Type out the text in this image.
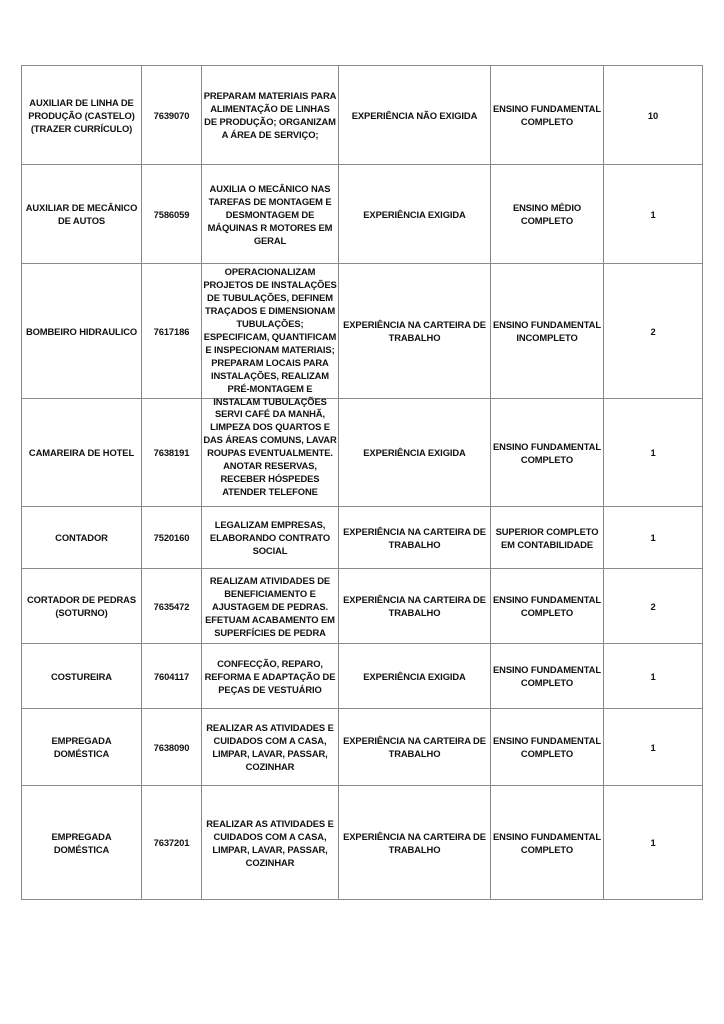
AUXILIAR DE LINHA DE PRODUÇÃO (CASTELO) (TRAZER CURRÍCULO)	7639070	PREPARAM MATERIAIS PARA ALIMENTAÇÃO DE LINHAS DE PRODUÇÃO; ORGANIZAM A ÁREA DE SERVIÇO;	EXPERIÊNCIA NÃO EXIGIDA	ENSINO FUNDAMENTAL COMPLETO	10
AUXILIAR DE MECÂNICO DE AUTOS	7586059	AUXILIA O MECÂNICO NAS TAREFAS DE MONTAGEM E DESMONTAGEM DE MÁQUINAS R MOTORES EM GERAL	EXPERIÊNCIA EXIGIDA	ENSINO MÉDIO COMPLETO	1
BOMBEIRO HIDRAULICO	7617186	OPERACIONALIZAM PROJETOS DE INSTALAÇÕES DE TUBULAÇÕES, DEFINEM TRAÇADOS E DIMENSIONAM TUBULAÇÕES; ESPECIFICAM, QUANTIFICAM E INSPECIONAM MATERIAIS; PREPARAM LOCAIS PARA INSTALAÇÕES, REALIZAM PRÉ-MONTAGEM E INSTALAM TUBULAÇÕES	EXPERIÊNCIA NA CARTEIRA DE TRABALHO	ENSINO FUNDAMENTAL INCOMPLETO	2
CAMAREIRA DE HOTEL	7638191	SERVI CAFÉ DA MANHÃ, LIMPEZA DOS QUARTOS E DAS ÁREAS COMUNS, LAVAR ROUPAS EVENTUALMENTE. ANOTAR RESERVAS, RECEBER HÓSPEDES ATENDER TELEFONE	EXPERIÊNCIA EXIGIDA	ENSINO FUNDAMENTAL COMPLETO	1
CONTADOR	7520160	LEGALIZAM EMPRESAS, ELABORANDO CONTRATO SOCIAL	EXPERIÊNCIA NA CARTEIRA DE TRABALHO	SUPERIOR COMPLETO EM CONTABILIDADE	1
CORTADOR DE PEDRAS (SOTURNO)	7635472	REALIZAM ATIVIDADES DE BENEFICIAMENTO E AJUSTAGEM DE PEDRAS. EFETUAM ACABAMENTO EM SUPERFÍCIES DE PEDRA	EXPERIÊNCIA NA CARTEIRA DE TRABALHO	ENSINO FUNDAMENTAL COMPLETO	2
COSTUREIRA	7604117	CONFECÇÃO, REPARO, REFORMA E ADAPTAÇÃO DE PEÇAS DE VESTUÁRIO	EXPERIÊNCIA EXIGIDA	ENSINO FUNDAMENTAL COMPLETO	1
EMPREGADA DOMÉSTICA	7638090	REALIZAR AS ATIVIDADES E CUIDADOS COM A CASA, LIMPAR, LAVAR, PASSAR, COZINHAR	EXPERIÊNCIA NA CARTEIRA DE TRABALHO	ENSINO FUNDAMENTAL COMPLETO	1
EMPREGADA DOMÉSTICA	7637201	REALIZAR AS ATIVIDADES E CUIDADOS COM A CASA, LIMPAR, LAVAR, PASSAR, COZINHAR	EXPERIÊNCIA NA CARTEIRA DE TRABALHO	ENSINO FUNDAMENTAL COMPLETO	1
